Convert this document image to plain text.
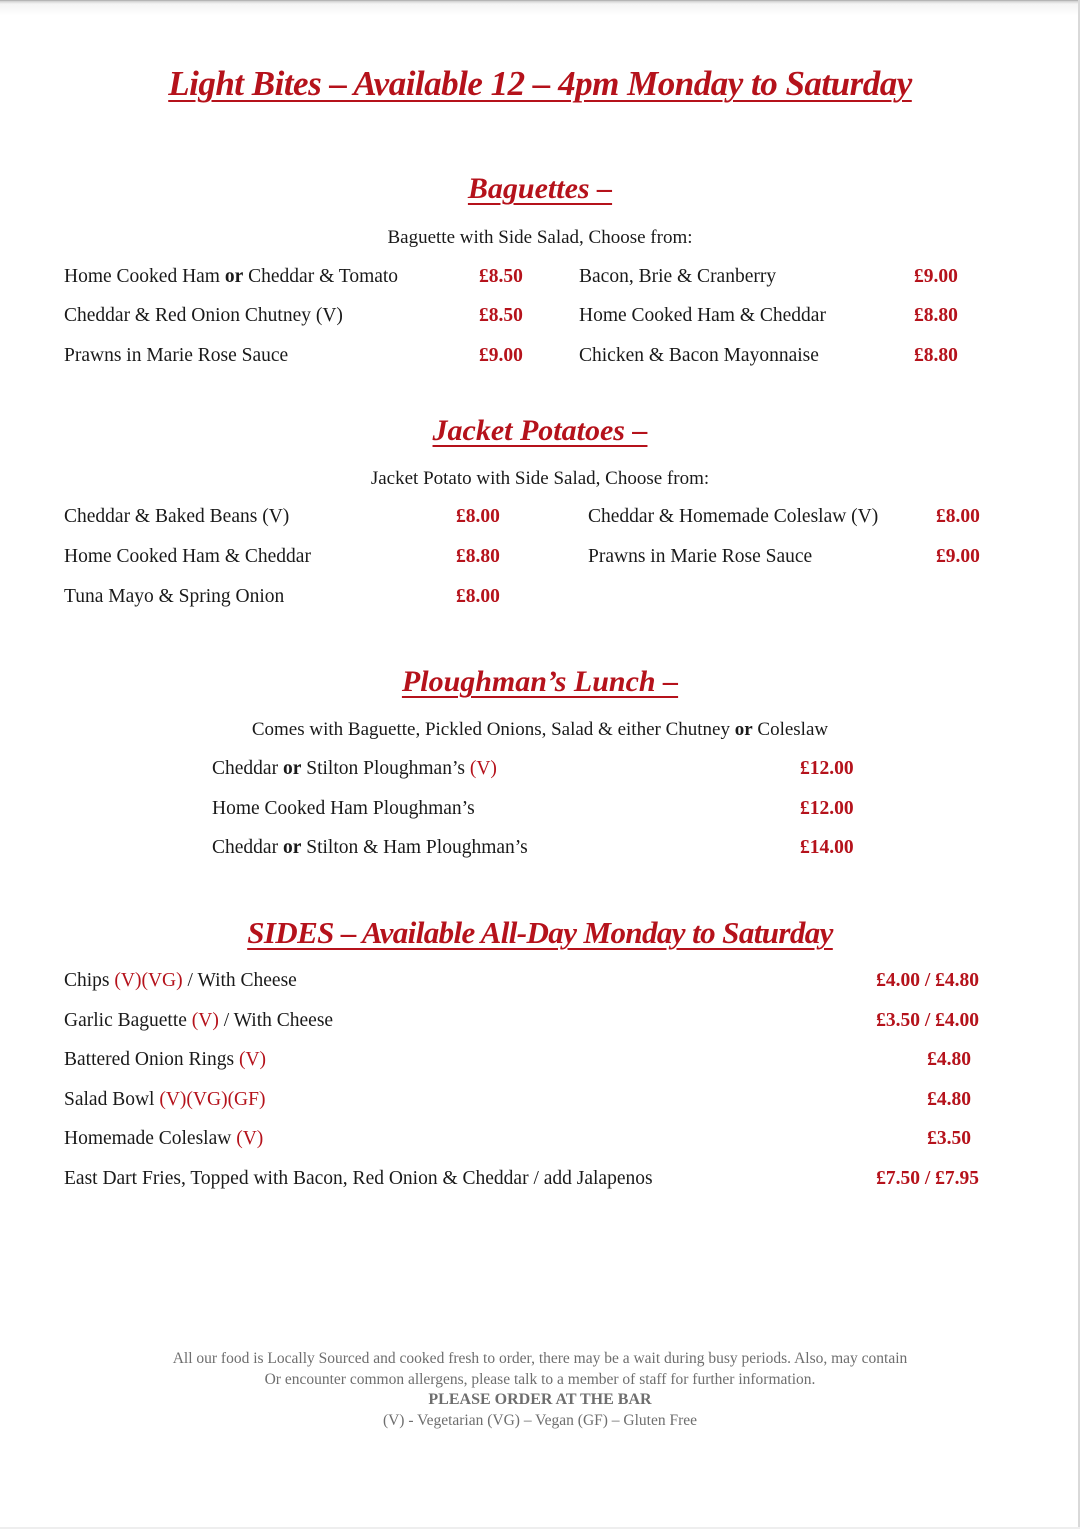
Light Bites – Available 12 – 4pm Monday to Saturday
Baguettes –
Baguette with Side Salad, Choose from:
Home Cooked Ham or Cheddar & Tomato	£8.50
Cheddar & Red Onion Chutney (V)	£8.50
Prawns in Marie Rose Sauce	£9.00
Bacon, Brie & Cranberry	£9.00
Home Cooked Ham & Cheddar	£8.80
Chicken & Bacon Mayonnaise	£8.80
Jacket Potatoes –
Jacket Potato with Side Salad, Choose from:
Cheddar & Baked Beans (V)	£8.00
Home Cooked Ham & Cheddar	£8.80
Tuna Mayo & Spring Onion	£8.00
Cheddar & Homemade Coleslaw (V)	£8.00
Prawns in Marie Rose Sauce	£9.00
Ploughman’s Lunch –
Comes with Baguette, Pickled Onions, Salad & either Chutney or Coleslaw
Cheddar or Stilton Ploughman’s (V)	£12.00
Home Cooked Ham Ploughman’s	£12.00
Cheddar or Stilton & Ham Ploughman’s	£14.00
SIDES – Available All-Day Monday to Saturday
Chips (V)(VG) / With Cheese	£4.00 / £4.80
Garlic Baguette (V) / With Cheese	£3.50 / £4.00
Battered Onion Rings (V)	£4.80
Salad Bowl (V)(VG)(GF)	£4.80
Homemade Coleslaw (V)	£3.50
East Dart Fries, Topped with Bacon, Red Onion & Cheddar / add Jalapenos	£7.50 / £7.95
All our food is Locally Sourced and cooked fresh to order, there may be a wait during busy periods. Also, may contain
Or encounter common allergens, please talk to a member of staff for further information.
PLEASE ORDER AT THE BAR
(V) - Vegetarian (VG) – Vegan (GF) – Gluten Free
